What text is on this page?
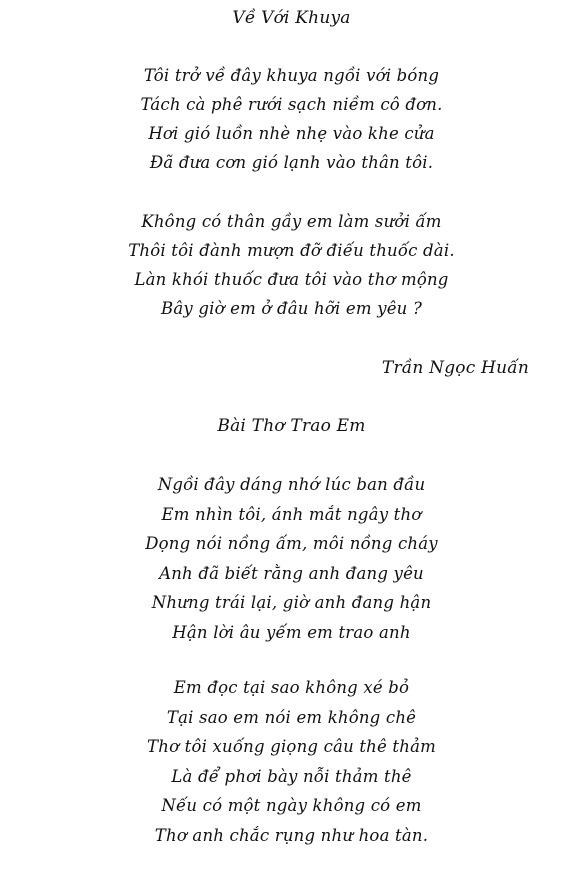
Về Với Khuya
Tôi trở về đây khuya ngồi với bóng
Tách cà phê rưới sạch niềm cô đơn.
Hơi gió luồn nhè nhẹ vào khe cửa
Đã đưa cơn gió lạnh vào thân tôi.
Không có thân gầy em làm sưởi ấm
Thôi tôi đành mượn đỡ điếu thuốc dài.
Làn khói thuốc đưa tôi vào thơ mộng
Bây giờ em ở đâu hỡi em yêu ?
Trần Ngọc Huấn
Bài Thơ Trao Em
Ngồi đây dáng nhớ lúc ban đầu
Em nhìn tôi, ánh mắt ngây thơ
Dọng nói nồng ấm, môi nồng cháy
Anh đã biết rằng anh đang yêu
Nhưng trái lại, giờ anh đang hận
Hận lời âu yếm em trao anh
Em đọc tại sao không xé bỏ
Tại sao em nói em không chê
Thơ tôi xuống giọng câu thê thảm
Là để phơi bày nỗi thảm thê
Nếu có một ngày không có em
Thơ anh chắc rụng như hoa tàn.
